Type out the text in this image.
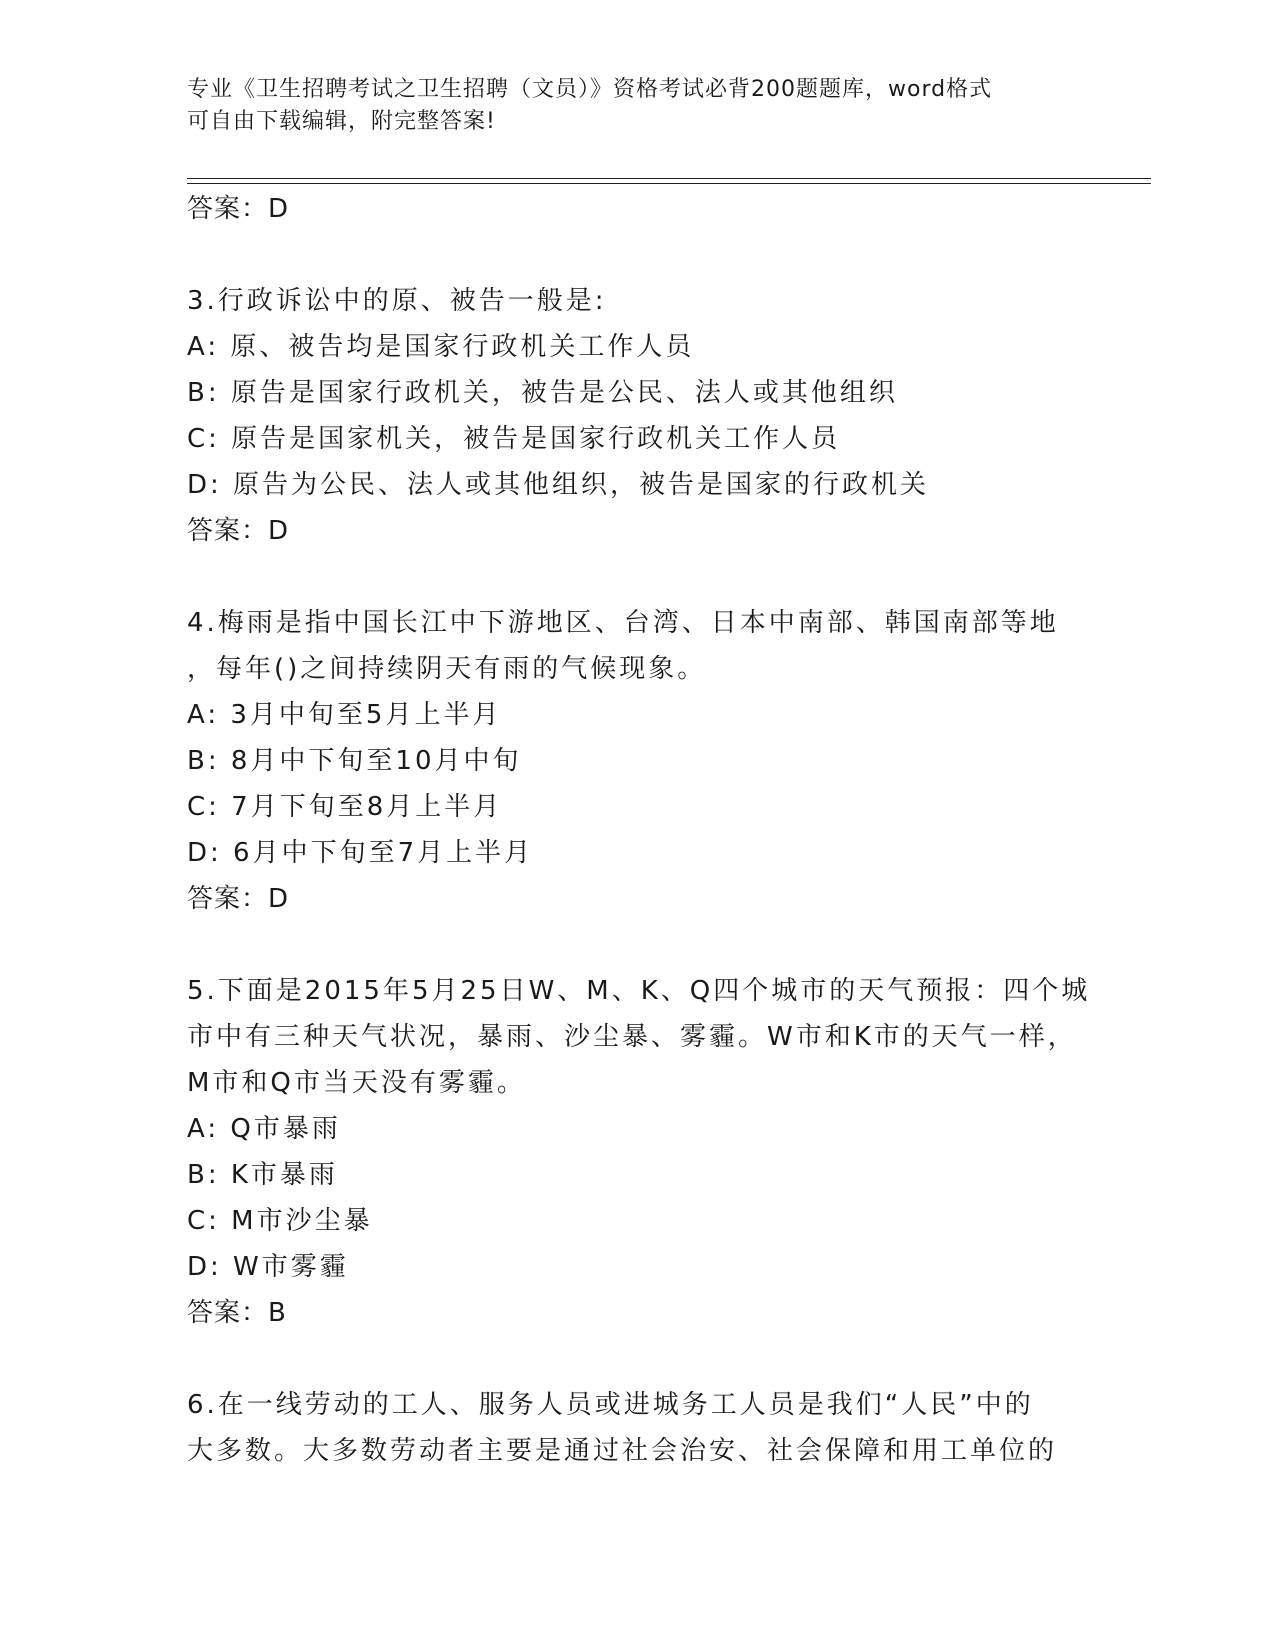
专业《卫生招聘考试之卫生招聘（文员）》资格考试必背200题题库，word格式
可自由下载编辑，附完整答案!
答案：D
3.行政诉讼中的原、被告一般是:
A: 原、被告均是国家行政机关工作人员
B: 原告是国家行政机关，被告是公民、法人或其他组织
C: 原告是国家机关，被告是国家行政机关工作人员
D: 原告为公民、法人或其他组织，被告是国家的行政机关
答案：D
4.梅雨是指中国长江中下游地区、台湾、日本中南部、韩国南部等地
，每年()之间持续阴天有雨的气候现象。
A: 3月中旬至5月上半月
B: 8月中下旬至10月中旬
C: 7月下旬至8月上半月
D: 6月中下旬至7月上半月
答案：D
5.下面是2015年5月25日W、M、K、Q四个城市的天气预报：四个城
市中有三种天气状况，暴雨、沙尘暴、雾霾。W市和K市的天气一样，
M市和Q市当天没有雾霾。
A: Q市暴雨
B: K市暴雨
C: M市沙尘暴
D: W市雾霾
答案：B
6.在一线劳动的工人、服务人员或进城务工人员是我们“人民”中的
大多数。大多数劳动者主要是通过社会治安、社会保障和用工单位的
